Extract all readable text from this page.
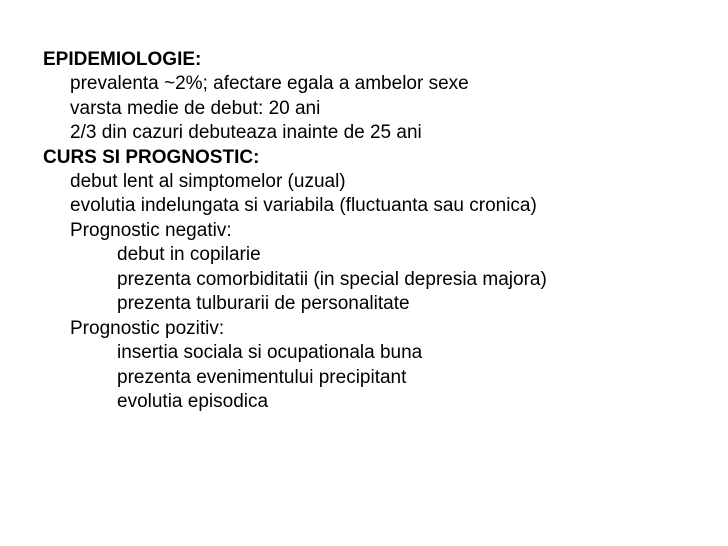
EPIDEMIOLOGIE:
prevalenta ~2%; afectare egala a ambelor sexe
varsta medie de debut: 20 ani
2/3 din cazuri debuteaza inainte de 25 ani
CURS SI PROGNOSTIC:
debut lent al simptomelor (uzual)
evolutia indelungata si variabila (fluctuanta sau cronica)
Prognostic negativ:
debut in copilarie
prezenta comorbiditatii (in special depresia majora)
prezenta tulburarii de personalitate
Prognostic pozitiv:
insertia sociala si ocupationala buna
prezenta evenimentului precipitant
evolutia episodica
